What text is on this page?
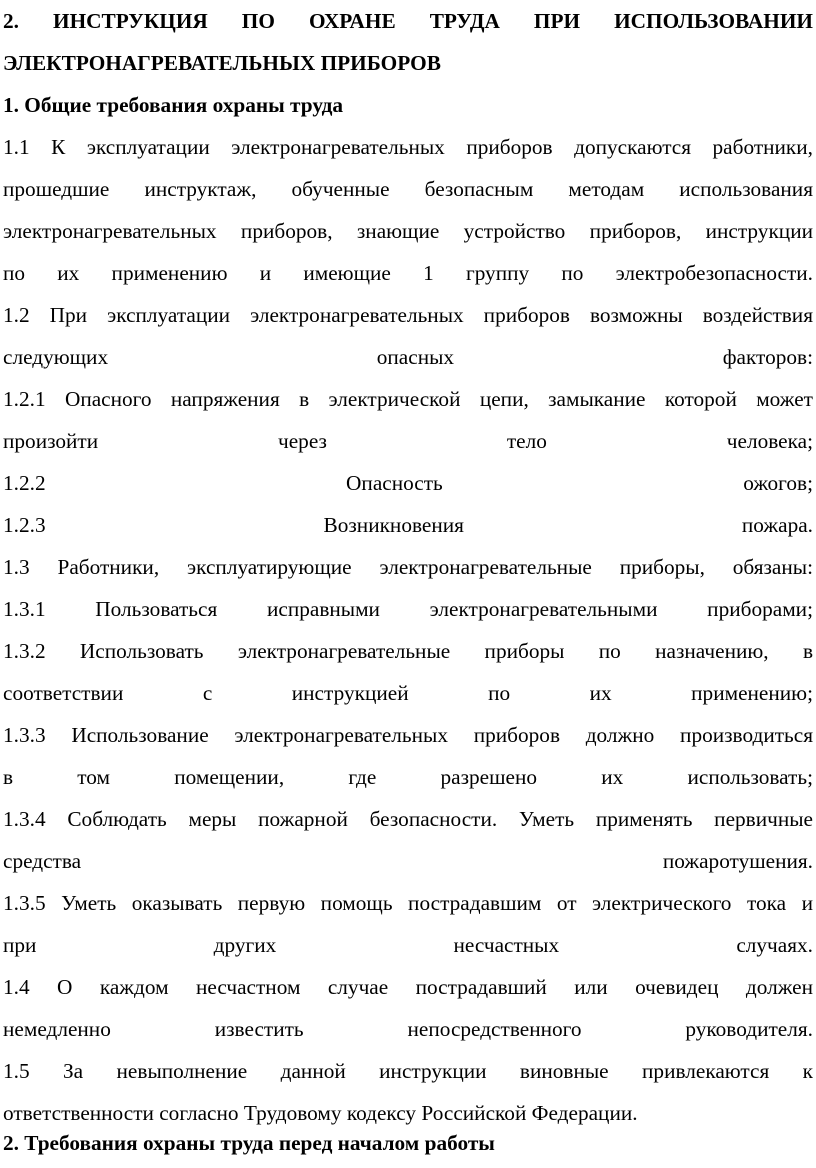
2. ИНСТРУКЦИЯ ПО ОХРАНЕ ТРУДА ПРИ ИСПОЛЬЗОВАНИИ
ЭЛЕКТРОНАГРЕВАТЕЛЬНЫХ ПРИБОРОВ
1. Общие требования охраны труда
1.1 К эксплуатации электронагревательных приборов допускаются работники,
прошедшие инструктаж, обученные безопасным методам использования
электронагревательных приборов, знающие устройство приборов, инструкции
по их применению и имеющие 1 группу по электробезопасности.
1.2 При эксплуатации электронагревательных приборов возможны воздействия
следующих опасных факторов:
1.2.1 Опасного напряжения в электрической цепи, замыкание которой может
произойти через тело человека;
1.2.2 Опасность ожогов;
1.2.3 Возникновения пожара.
1.3 Работники, эксплуатирующие электронагревательные приборы, обязаны:
1.3.1 Пользоваться исправными электронагревательными приборами;
1.3.2 Использовать электронагревательные приборы по назначению, в
соответствии с инструкцией по их применению;
1.3.3 Использование электронагревательных приборов должно производиться
в том помещении, где разрешено их использовать;
1.3.4 Соблюдать меры пожарной безопасности. Уметь применять первичные
средства пожаротушения.
1.3.5 Уметь оказывать первую помощь пострадавшим от электрического тока и
при других несчастных случаях.
1.4 О каждом несчастном случае пострадавший или очевидец должен
немедленно известить непосредственного руководителя.
1.5 За невыполнение данной инструкции виновные привлекаются к
ответственности согласно Трудовому кодексу Российской Федерации.
2. Требования охраны труда перед началом работы
